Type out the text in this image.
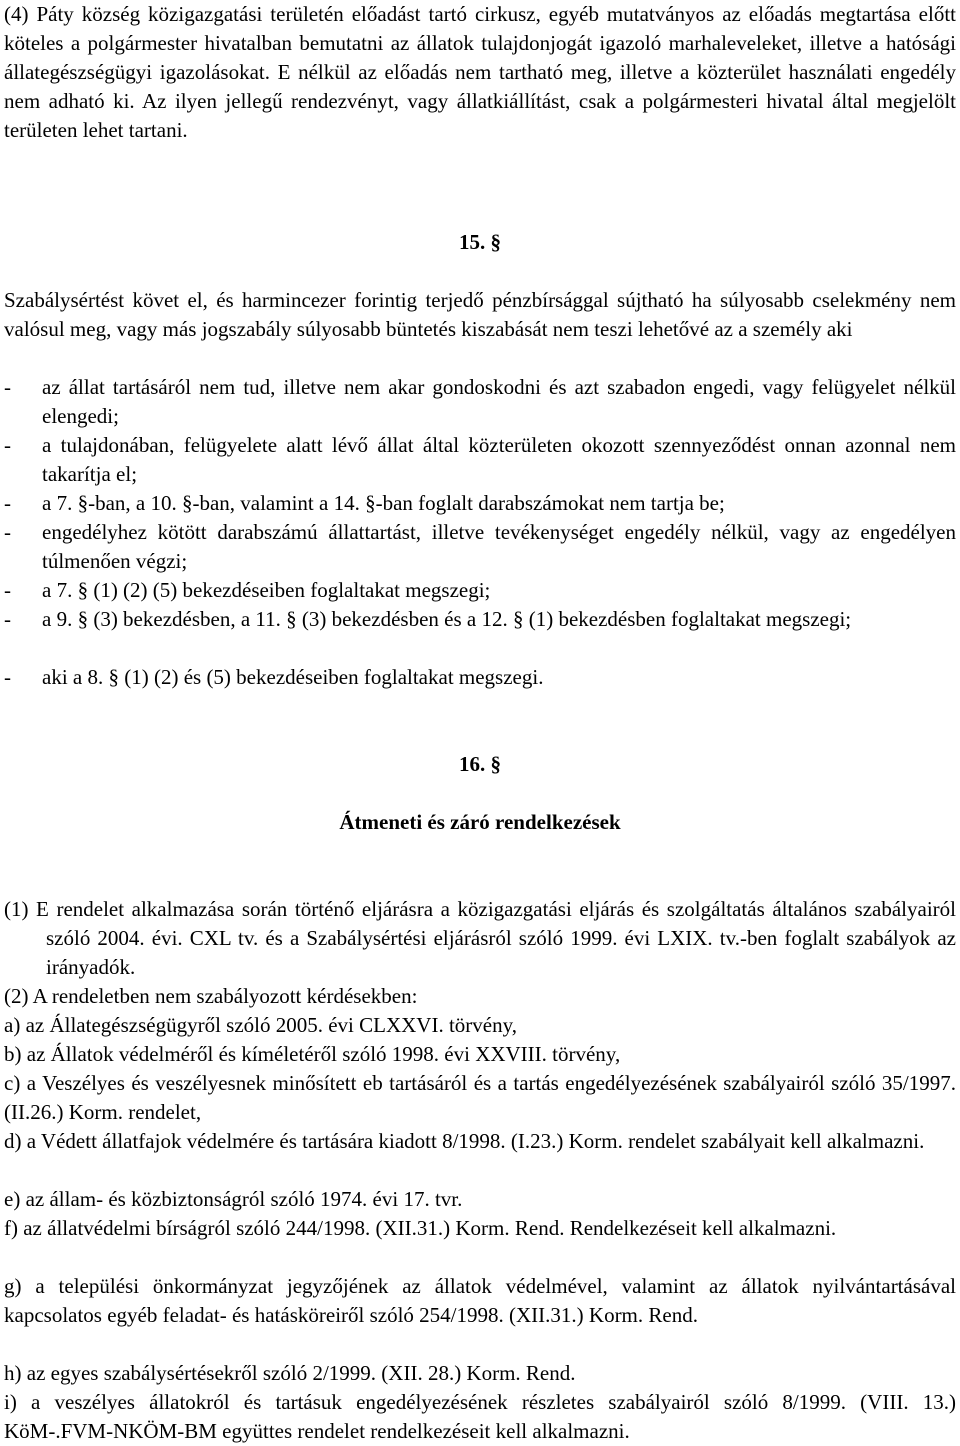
(4) Páty község közigazgatási területén előadást tartó cirkusz, egyéb mutatványos az előadás megtartása előtt köteles a polgármester hivatalban bemutatni az állatok tulajdonjogát igazoló marhaleveleket, illetve a hatósági állategészségügyi igazolásokat. E nélkül az előadás nem tartható meg, illetve a közterület használati engedély nem adható ki. Az ilyen jellegű rendezvényt, vagy állatkiállítást, csak a polgármesteri hivatal által megjelölt területen lehet tartani.

15. §

Szabálysértést követ el, és harmincezer forintig terjedő pénzbírsággal sújtható ha súlyosabb cselekmény nem valósul meg, vagy más jogszabály súlyosabb büntetés kiszabását nem teszi lehetővé az a személy aki

- az állat tartásáról nem tud, illetve nem akar gondoskodni és azt szabadon engedi, vagy felügyelet nélkül elengedi;
- a tulajdonában, felügyelete alatt lévő állat által közterületen okozott szennyeződést onnan azonnal nem takarítja el;
- a 7. §-ban, a 10. §-ban, valamint a 14. §-ban foglalt darabszámokat nem tartja be;
- engedélyhez kötött darabszámú állattartást, illetve tevékenységet engedély nélkül, vagy az engedélyen túlmenően végzi;
- a 7. § (1) (2) (5) bekezdéseiben foglaltakat megszegi;
- a 9. § (3) bekezdésben, a 11. § (3) bekezdésben és a 12. § (1) bekezdésben foglaltakat megszegi;
- aki a 8. § (1) (2) és (5) bekezdéseiben foglaltakat megszegi.

16. §

Átmeneti és záró rendelkezések

(1) E rendelet alkalmazása során történő eljárásra a közigazgatási eljárás és szolgáltatás általános szabályairól szóló 2004. évi. CXL tv. és a Szabálysértési eljárásról szóló 1999. évi LXIX. tv.-ben foglalt szabályok az irányadók.

(2) A rendeletben nem szabályozott kérdésekben:

a) az Állategészségügyről szóló 2005. évi CLXXVI. törvény,

b) az Állatok védelméről és kíméletéről szóló 1998. évi XXVIII. törvény,

c) a Veszélyes és veszélyesnek minősített eb tartásáról és a tartás engedélyezésének szabályairól szóló 35/1997. (II.26.) Korm. rendelet,

d) a Védett állatfajok védelmére és tartására kiadott 8/1998. (I.23.) Korm. rendelet szabályait kell alkalmazni.

e) az állam- és közbiztonságról szóló 1974. évi 17. tvr.

f) az állatvédelmi bírságról szóló 244/1998. (XII.31.) Korm. Rend. Rendelkezéseit kell alkalmazni.

g) a települési önkormányzat jegyzőjének az állatok védelmével, valamint az állatok nyilvántartásával kapcsolatos egyéb feladat- és hatásköreiről szóló 254/1998. (XII.31.) Korm. Rend.

h) az egyes szabálysértésekről szóló 2/1999. (XII. 28.) Korm. Rend.

i) a veszélyes állatokról és tartásuk engedélyezésének részletes szabályairól szóló 8/1999. (VIII. 13.) KöM-.FVM-NKÖM-BM együttes rendelet rendelkezéseit kell alkalmazni.
